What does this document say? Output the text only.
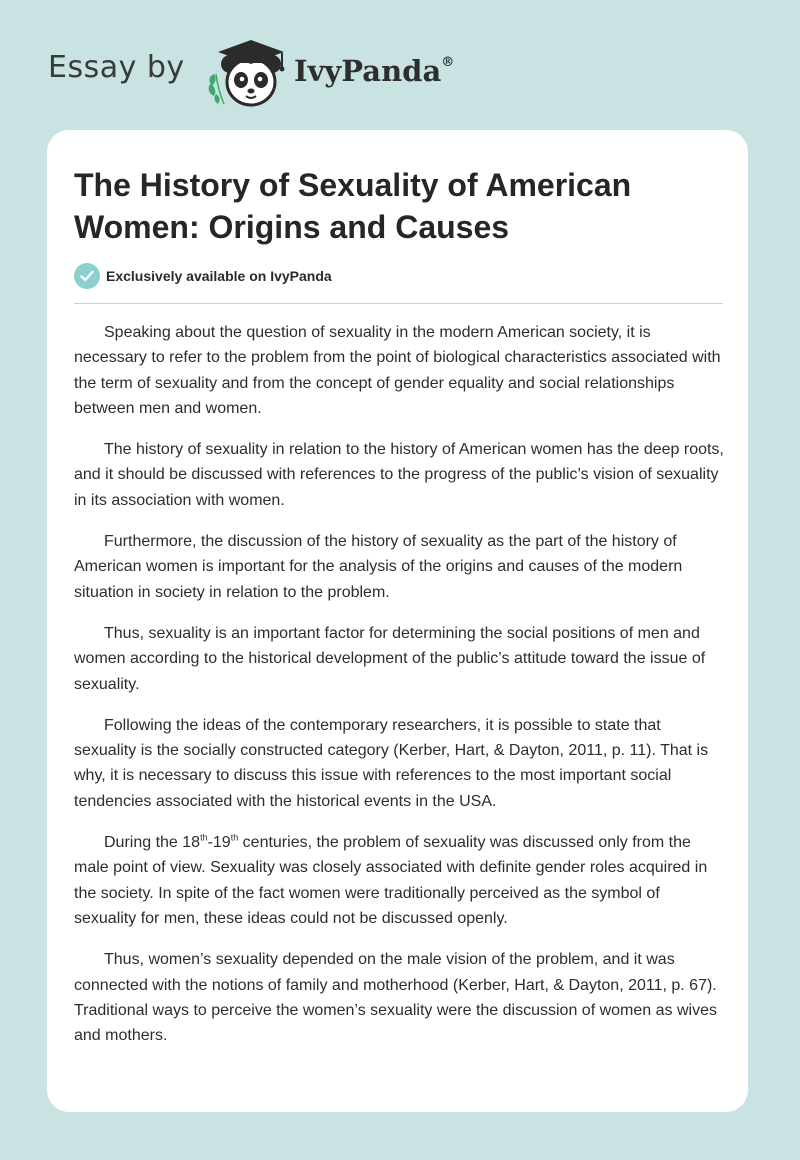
Essay by	IvyPanda®
The History of Sexuality of American Women: Origins and Causes
Exclusively available on IvyPanda

Speaking about the question of sexuality in the modern American society, it is necessary to refer to the problem from the point of biological characteristics associated with the term of sexuality and from the concept of gender equality and social relationships between men and women.

The history of sexuality in relation to the history of American women has the deep roots, and it should be discussed with references to the progress of the public’s vision of sexuality in its association with women.

Furthermore, the discussion of the history of sexuality as the part of the history of American women is important for the analysis of the origins and causes of the modern situation in society in relation to the problem.

Thus, sexuality is an important factor for determining the social positions of men and women according to the historical development of the public’s attitude toward the issue of sexuality.

Following the ideas of the contemporary researchers, it is possible to state that sexuality is the socially constructed category (Kerber, Hart, & Dayton, 2011, p. 11). That is why, it is necessary to discuss this issue with references to the most important social tendencies associated with the historical events in the USA.

During the 18th-19th centuries, the problem of sexuality was discussed only from the male point of view. Sexuality was closely associated with definite gender roles acquired in the society. In spite of the fact women were traditionally perceived as the symbol of sexuality for men, these ideas could not be discussed openly.

Thus, women’s sexuality depended on the male vision of the problem, and it was connected with the notions of family and motherhood (Kerber, Hart, & Dayton, 2011, p. 67). Traditional ways to perceive the women’s sexuality were the discussion of women as wives and mothers.
